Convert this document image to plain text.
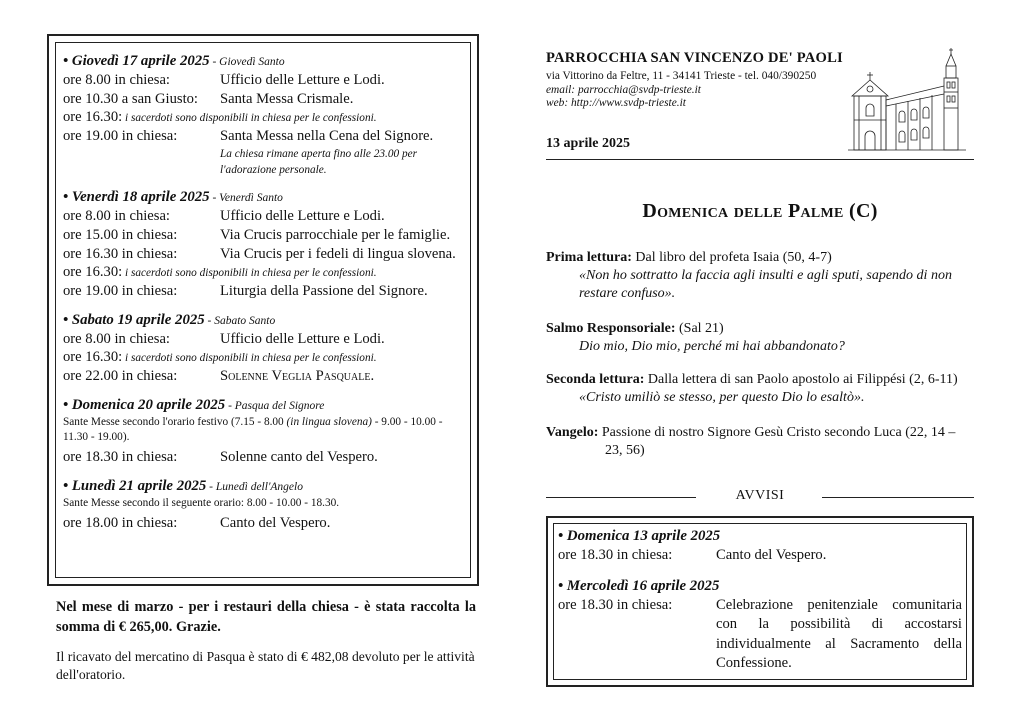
• Giovedì 17 aprile 2025 - Giovedì Santo
ore 8.00 in chiesa:	Ufficio delle Letture e Lodi.
ore 10.30 a san Giusto:	Santa Messa Crismale.
ore 16.30: i sacerdoti sono disponibili in chiesa per le confessioni.
ore 19.00 in chiesa:	Santa Messa nella Cena del Signore.
La chiesa rimane aperta fino alle 23.00 per l'adorazione personale.
• Venerdì 18 aprile 2025 - Venerdì Santo
ore 8.00 in chiesa:	Ufficio delle Letture e Lodi.
ore 15.00 in chiesa:	Via Crucis parrocchiale per le famiglie.
ore 16.30 in chiesa:	Via Crucis per i fedeli di lingua slovena.
ore 16.30: i sacerdoti sono disponibili in chiesa per le confessioni.
ore 19.00 in chiesa:	Liturgia della Passione del Signore.
• Sabato 19 aprile 2025 - Sabato Santo
ore 8.00 in chiesa:	Ufficio delle Letture e Lodi.
ore 16.30: i sacerdoti sono disponibili in chiesa per le confessioni.
ore 22.00 in chiesa:	Solenne Veglia Pasquale.
• Domenica 20 aprile 2025 - Pasqua del Signore
Sante Messe secondo l'orario festivo (7.15 - 8.00 (in lingua slovena) - 9.00 - 10.00 - 11.30 - 19.00).
ore 18.30 in chiesa:	Solenne canto del Vespero.
• Lunedì 21 aprile 2025 - Lunedì dell'Angelo
Sante Messe secondo il seguente orario: 8.00 - 10.00 - 18.30.
ore 18.00 in chiesa:	Canto del Vespero.
Nel mese di marzo - per i restauri della chiesa - è stata raccolta la somma di € 265,00. Grazie.
Il ricavato del mercatino di Pasqua è stato di € 482,08 devoluto per le attività dell'oratorio.
PARROCCHIA SAN VINCENZO DE' PAOLI
via Vittorino da Feltre, 11 - 34141 Trieste - tel. 040/390250
email: parrocchia@svdp-trieste.it
web: http://www.svdp-trieste.it
13 aprile 2025
Domenica delle Palme (C)
Prima lettura: Dal libro del profeta Isaia (50, 4-7)
«Non ho sottratto la faccia agli insulti e agli sputi, sapendo di non restare confuso».
Salmo Responsoriale: (Sal 21)
Dio mio, Dio mio, perché mi hai abbandonato?
Seconda lettura: Dalla lettera di san Paolo apostolo ai Filippési (2, 6-11)
«Cristo umiliò se stesso, per questo Dio lo esaltò».
Vangelo: Passione di nostro Signore Gesù Cristo secondo Luca (22, 14 – 23, 56)
AVVISI
• Domenica 13 aprile 2025
ore 18.30 in chiesa:	Canto del Vespero.
• Mercoledì 16 aprile 2025
ore 18.30 in chiesa:	Celebrazione penitenziale comunitaria con la possibilità di accostarsi individualmente al Sacramento della Confessione.
